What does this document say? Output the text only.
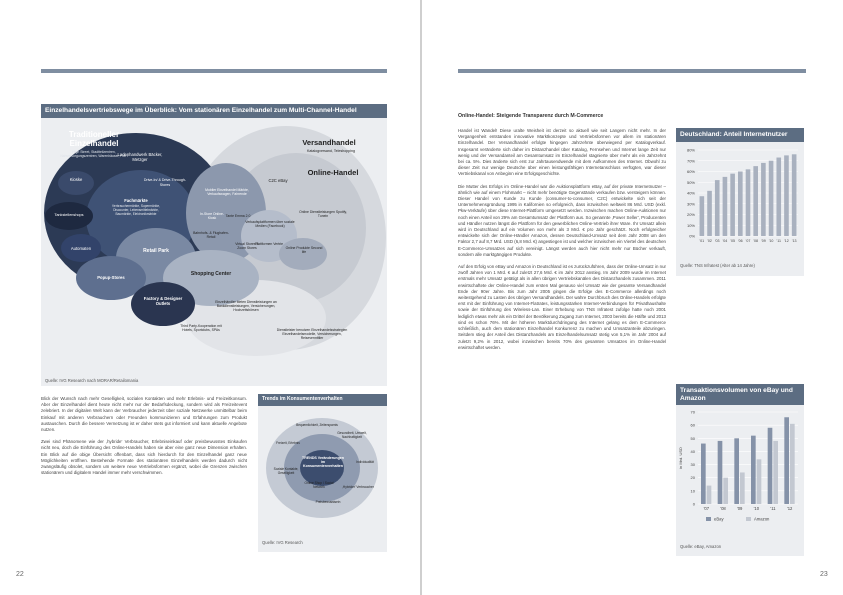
Einzelhandelsvertriebswege im Überblick: Vom stationären Einzelhandel zum Multi-Channel-Handel
Traditioneller Einzelhandel
High Street, Stadtteilzentren, Nahversorgungszentren, Warenhäuser, FMH
Ladenhandwerk Bäcker, Metzger
Kioske	Drive-In/ & Drive-Through-Stores
Fachmärkte
Verbrauchermärkte, Supermärkte, Discounter, Lebensmittelmärkte, Baumärkte, Elektronikmärkte
Tankstellenshops
Automaten	Retail Park
Popup-Stores
Factory & Designer Outlets
Shopping Center
Mobiler Einzelhandel Märkte, Verkaufswagen, Fahrende
In-Store Online-Kiosk	Tante Emma 2.0
Bahnhofs- & Flughafen-Retail
Virtual Stores & Zoom Stores
Verkaufsplattformen über soziale Medien (Facebook)
Plattformen Vertrie
Versandhandel
Katalogversand, Teleshopping
C2C eBay
Online-Handel
Online Dienstleistungen Spotify, Tunein
Online Produkte Second life
Einzelhändler bieten Dienstleistungen an Bankdienstleistungen, Versicherungen, Hochzeitsbörsen
Third Party-Kooperation mit Hotels, Sportclubs, SPAs	Dienstleister benutzen Einzelhandelsstrategien Einzelhandelsmodelle, Versicherungen, Reisevermittler
Quelle: IVG Research nach MORAR/Retailomania

Blick der Wunsch nach mehr Geselligkeit, sozialen Kontakten und mehr Erlebnis- und Freizeitkonsum. Aber der Einzelhandel dient heute nicht mehr nur der Bedarfsdeckung, sondern wird als Freizeitevent zelebriert. In der digitalen Welt kann der Verbraucher jederzeit über soziale Netzwerke unmittelbar beim Einkauf mit anderen Verbrauchern oder Freunden kommunizieren und Erfahrungen zum Produkt austauschen. Durch die bessere Vernetzung ist er daher stets gut informiert und kann aktuelle Angebote nutzen.

Zwei sind Phänomene wie der ‚hybride' Verbraucher, Erlebniseinkauf oder preisbewusstes Einkaufen nicht neu, doch die Einführung des Online-Handels haben sie aber eine ganz neue Dimension erhalten. Ein Blick auf die obige Übersicht offenbart, dass sich hierdurch für den Einzelhandel ganz neue Möglichkeiten eröffnen. Bestehende Formate des stationären Einzelhandels werden dadurch nicht zwangsläufig obsolet, sondern um weitere neue Vertriebsformen ergänzt, wobei die Grenzen zwischen stationärem und digitalem Handel immer mehr verschwimmen.

Trends im Konsumentenverhalten
TRENDS Veränderungen im Konsumentenverhalten
Gesundheit, Umwelt, Nachhaltigkeit
Individualität
‚Hybrider' Verbraucher
Preisbewusstsein
Online Shop / Social Network
Soziale Kontakte, Geselligkeit
Freizeit, Erlebnis
Bequemlichkeit, Zeitersparnis
Quelle: IVG Research
22
Online-Handel: Steigende Transparenz durch M-Commerce

Handel ist Wandel! Diese uralte Weisheit ist derzeit so aktuell wie seit Langem nicht mehr. In der Vergangenheit entstanden innovative Marktkonzepte und Vertriebsformen vor allem im stationären Einzelhandel. Der Versandhandel erfolgte hingegen Jahrzehnte überwiegend per Katalogverkauf. Insgesamt veränderte sich daher im Distanzhandel über Katalog, Fernsehen und Internet lange Zeit nur wenig und der Versandanteil am Gesamtumsatz im Einzelhandel stagnierte über mehr als ein Jahrzehnt bei ca. 5%. Dies änderte sich erst zur Jahrtausendwende mit dem Aufkommen des Internet. Obwohl zu dieser Zeit nur wenige Deutsche über einen leistungsfähigen Internetanschluss verfügten, war dieser Vertriebskanal von Anbeginn eine Erfolgsgeschichte.

Die Mutter des Erfolgs im Online-Handel war die Auktionsplattform eBay, auf der private Internetnutzer – ähnlich wie auf einem Flohmarkt – nicht mehr benötigte Gegenstände verkaufen bzw. versteigern können. Dieser Handel von Kunde zu Kunde (consumer-to-consumer, C2C) entwickelte sich seit der Unternehmensgründung 1995 in Kalifornien so erfolgreich, dass inzwischen weltweit 86 Mrd. USD (exkl. Pkw-Verkäufe) über diese Internet-Plattform umgesetzt werden. Inzwischen machen Online-Auktionen nur noch einen Anteil von 29% am Gesamtumsatz der Plattform aus. So genannte ‚Power Seller', Producenten und Händler nutzen längst die Plattform für den gewerblichen Online-Vertrieb ihrer Ware. Ihr Umsatz allein wird in Deutschland auf ein Volumen von mehr als 3 Mrd. € pro Jahr geschätzt. Noch erfolgreicher entwickelte sich der Online-Händler Amazon, dessen Deutschland-Umsatz seit dem Jahr 2008 um den Faktor 2,7 auf 8,7 Mrd. USD (6,8 Mrd. €) angestiegen ist und welcher inzwischen ein Viertel des deutschen E-Commerce-Umsatzes auf sich vereinigt. Längst werden auch hier nicht mehr nur Bücher verkauft, sondern alle marktgängigen Produkte.

Auf den Erfolg von eBay und Amazon in Deutschland ist es zurückzuführen, dass der Online-Umsatz in nur zwölf Jahren von 1 Mrd. € auf zuletzt 27,6 Mrd. € im Jahr 2012 anstieg. Im Jahr 2009 wurde im Internet erstmals mehr Umsatz getätigt als in allen übrigen Vertriebskanälen des Distanzhandels zusammen. 2011 erwirtschaftete der Online-Handel zum ersten Mal genauso viel Umsatz wie der gesamte Versandhandel Ende der 90er Jahre. Bis zum Jahr 2005 gingen die Erfolge des E-Commerce allerdings noch weitestgehend zu Lasten des übrigen Versandhandels. Der wahre Durchbruch des Online-Handels erfolgte erst mit der Einführung von Internet-Flatrates, leistungsstarken Internet-Verbindungen für Privathaushalte sowie der Einführung des Wireless-Lan. Einer Erhebung von TNS Infratest zufolge hatte noch 2001 lediglich etwas mehr als ein Drittel der Bevölkerung Zugang zum Internet, 2003 bereits die Hälfte und 2013 sind es schon 76%. Mit der höheren Marktdurchdringung des Internet gelang es dem E-Commerce schließlich, auch dem stationären Einzelhandel Konkurrenz zu machen und Umsatzanteile abzuringen. Seitdem stieg der Anteil des Distanzhandels am Einzelhandelsumsatz stetig von 5,1% im Jahr 2004 auf zuletzt 9,2% in 2012, wobei inzwischen bereits 70% des gesamten Umsatzes im Online-Handel erwirtschaftet werden.

Deutschland: Anteil Internetnutzer
0%
10%
20%
30%
40%
50%
60%
70%
80%
'01 '02 '03 '04 '05 '06 '07 '08 '09 '10 '11 '12 '13
Quelle: TNS Infratest (Alter ab 14 Jahre)
Transaktionsvolumen von eBay und Amazon
0
10
20
30
40
50
60
70
in Mrd. USD
'07	'08	'09	'10	'11	'12
eBay	Amazon
Quelle: eBay, Amazon
23
